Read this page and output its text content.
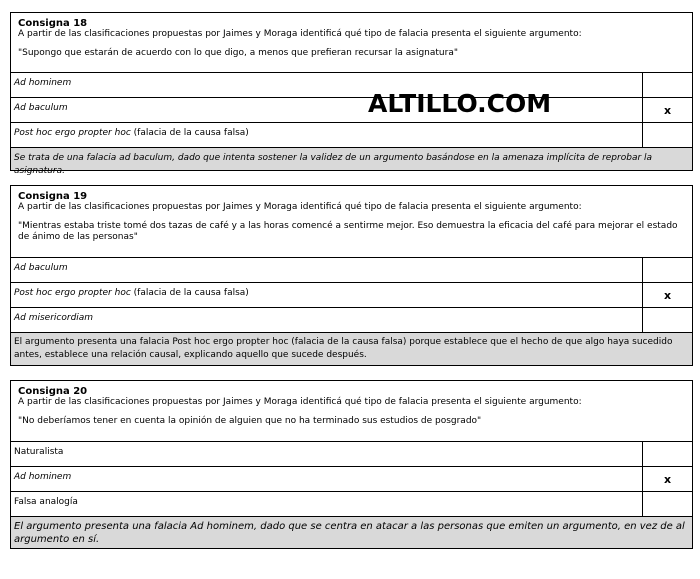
Consigna 18
A partir de las clasificaciones propuestas por Jaimes y Moraga identificá qué tipo de falacia presenta el siguiente argumento:
"Supongo que estarán de acuerdo con lo que digo, a menos que prefieran recursar la asignatura"
Ad hominem
Ad baculum	x
Post hoc ergo propter hoc (falacia de la causa falsa)
Se trata de una falacia ad baculum, dado que intenta sostener la validez de un argumento basándose en la amenaza implícita de reprobar la asignatura.
ALTILLO.COM
Consigna 19
A partir de las clasificaciones propuestas por Jaimes y Moraga identificá qué tipo de falacia presenta el siguiente argumento:
"Mientras estaba triste tomé dos tazas de café y a las horas comencé a sentirme mejor. Eso demuestra la eficacia del café para mejorar el estado de ánimo de las personas"
Ad baculum
Post hoc ergo propter hoc (falacia de la causa falsa)	x
Ad misericordiam
El argumento presenta una falacia Post hoc ergo propter hoc (falacia de la causa falsa) porque establece que el hecho de que algo haya sucedido antes, establece una relación causal, explicando aquello que sucede después.
Consigna 20
A partir de las clasificaciones propuestas por Jaimes y Moraga identificá qué tipo de falacia presenta el siguiente argumento:
"No deberíamos tener en cuenta la opinión de alguien que no ha terminado sus estudios de posgrado"
Naturalista
Ad hominem	x
Falsa analogía
El argumento presenta una falacia Ad hominem, dado que se centra en atacar a las personas que emiten un argumento, en vez de al argumento en sí.
